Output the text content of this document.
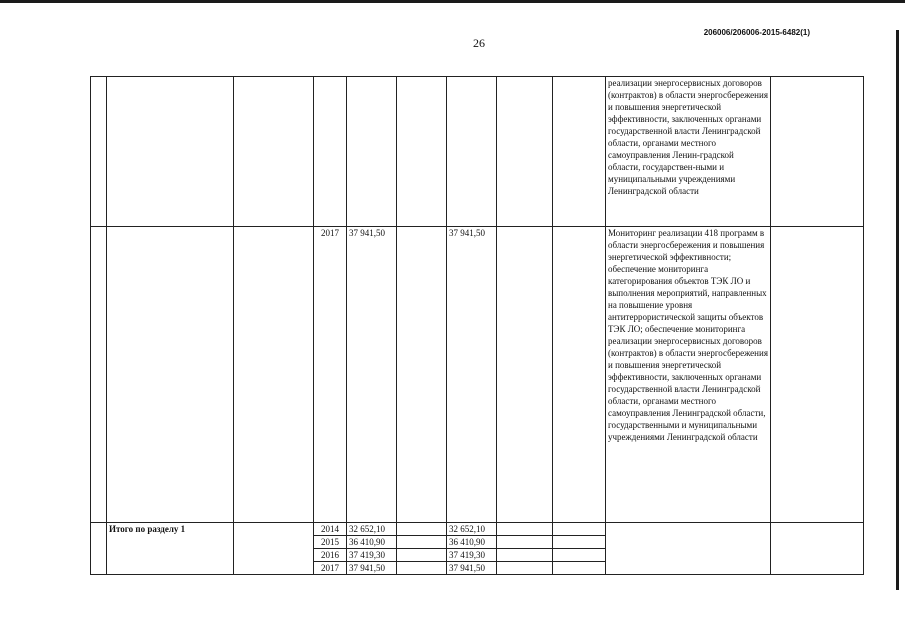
206006/206006-2015-6482(1)
26
									реализации энергосервисных договоров (контрактов) в области энергосбережения и повышения энергетической эффективности, заключенных органами государственной власти Ленинградской области, органами местного самоуправления Ленин-градской области, государствен-ными и муниципальными учреждениями Ленинградской области	
			2017	37 941,50		37 941,50			Мониторинг реализации 418 программ в области энергосбережения и повышения энергетической эффективности; обеспечение мониторинга категорирования объектов ТЭК ЛО и выполнения мероприятий, направленных на повышение уровня антитеррористической защиты объектов ТЭК ЛО; обеспечение мониторинга реализации энергосервисных договоров (контрактов) в области энергосбережения и повышения энергетической эффективности, заключенных органами государственной власти Ленинградской области, органами местного самоуправления Ленинградской области, государственными и муниципальными учреждениями Ленинградской области	
	Итого по разделу 1		2014	32 652,10		32 652,10				
			2015	36 410,90		36 410,90				
			2016	37 419,30		37 419,30				
			2017	37 941,50		37 941,50				
